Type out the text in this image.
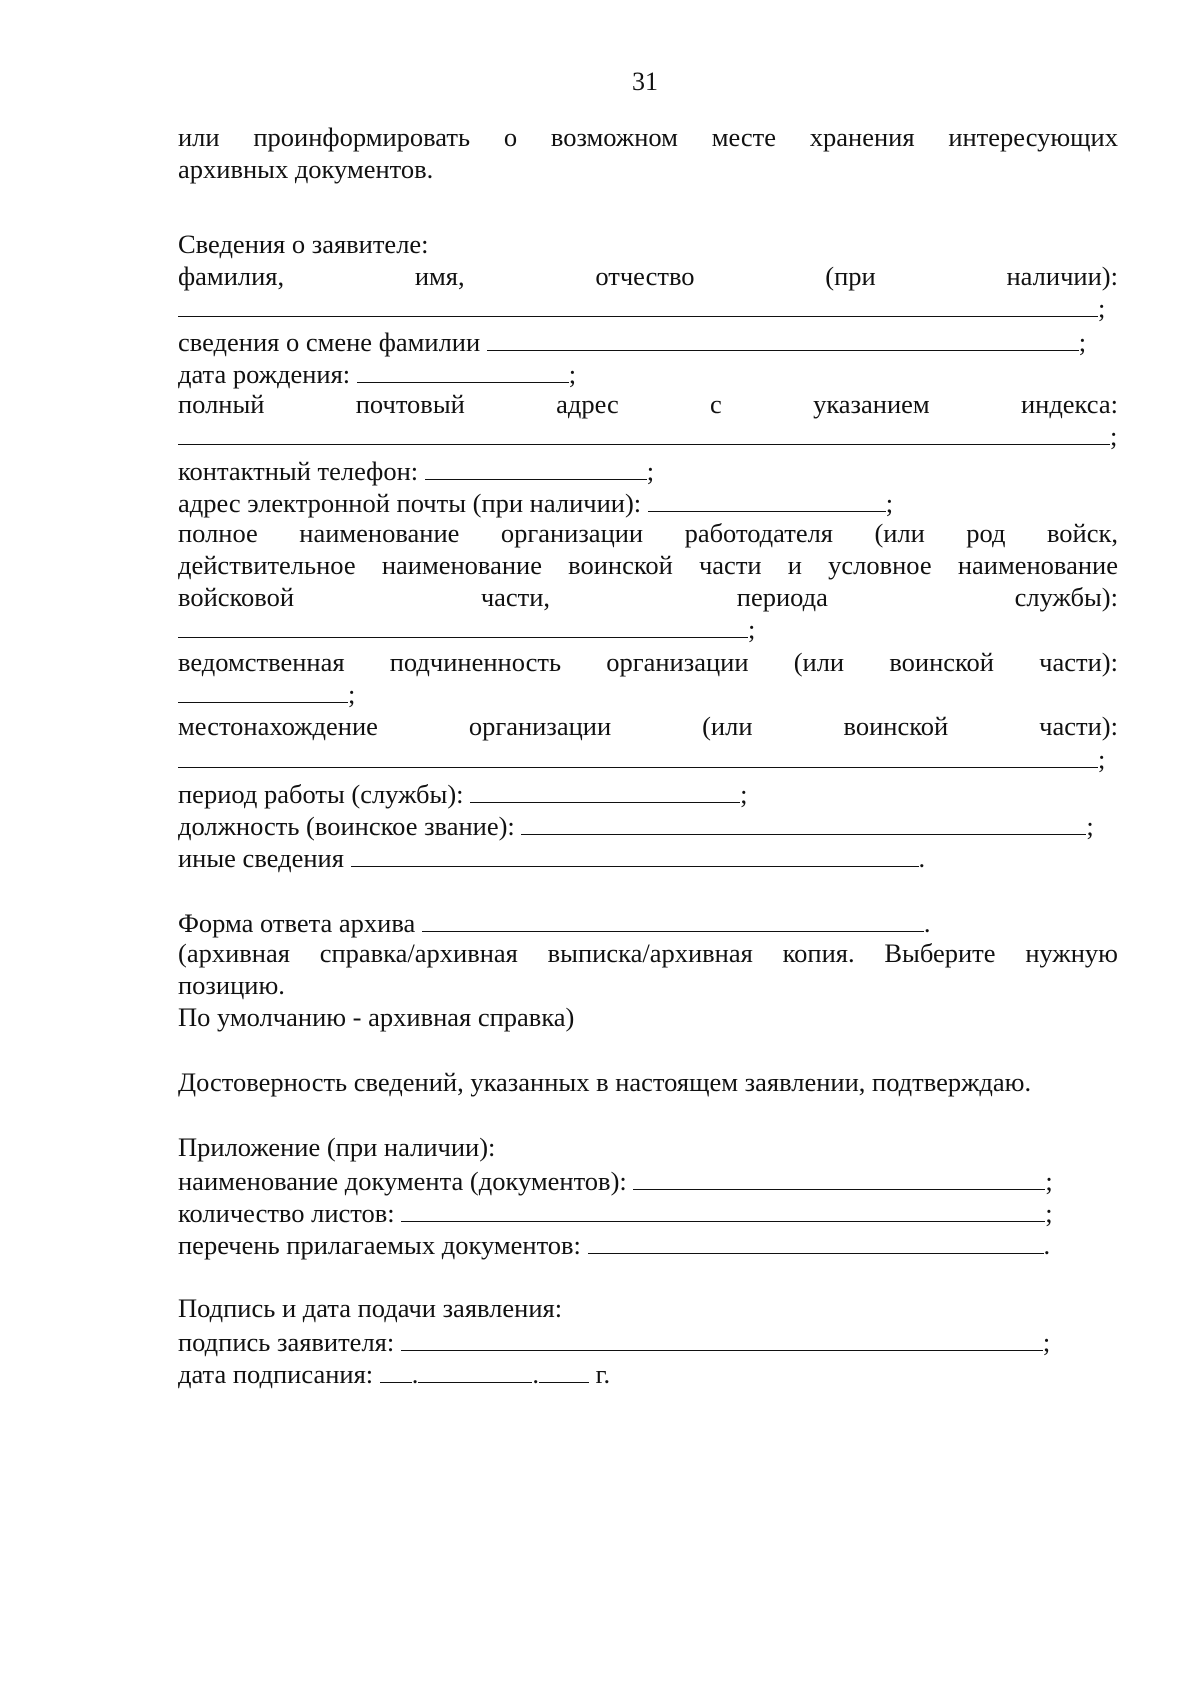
31
или проинформировать о возможном месте хранения интересующих
архивных документов.
Сведения о заявителе:
фамилия,	имя,	отчество	(при	наличии):
;
сведения о смене фамилии	;
дата рождения:	;
полный	почтовый	адрес	с	указанием	индекса:
;
контактный телефон:	;
адрес электронной почты (при наличии):	;
полное наименование организации работодателя (или род войск,
действительное наименование воинской части и условное наименование
войсковой	части,	периода	службы):
;
ведомственная подчиненность организации (или воинской части):
;
местонахождение	организации	(или	воинской	части):
;
период работы (службы):	;
должность (воинское звание):	;
иные сведения	.
Форма ответа архива	.
(архивная справка/архивная выписка/архивная копия. Выберите нужную
позицию.
По умолчанию - архивная справка)
Достоверность сведений, указанных в настоящем заявлении, подтверждаю.
Приложение (при наличии):
наименование документа (документов):	;
количество листов:	;
перечень прилагаемых документов:	.
Подпись и дата подачи заявления:
подпись заявителя:	;
дата подписания: .	. г.
